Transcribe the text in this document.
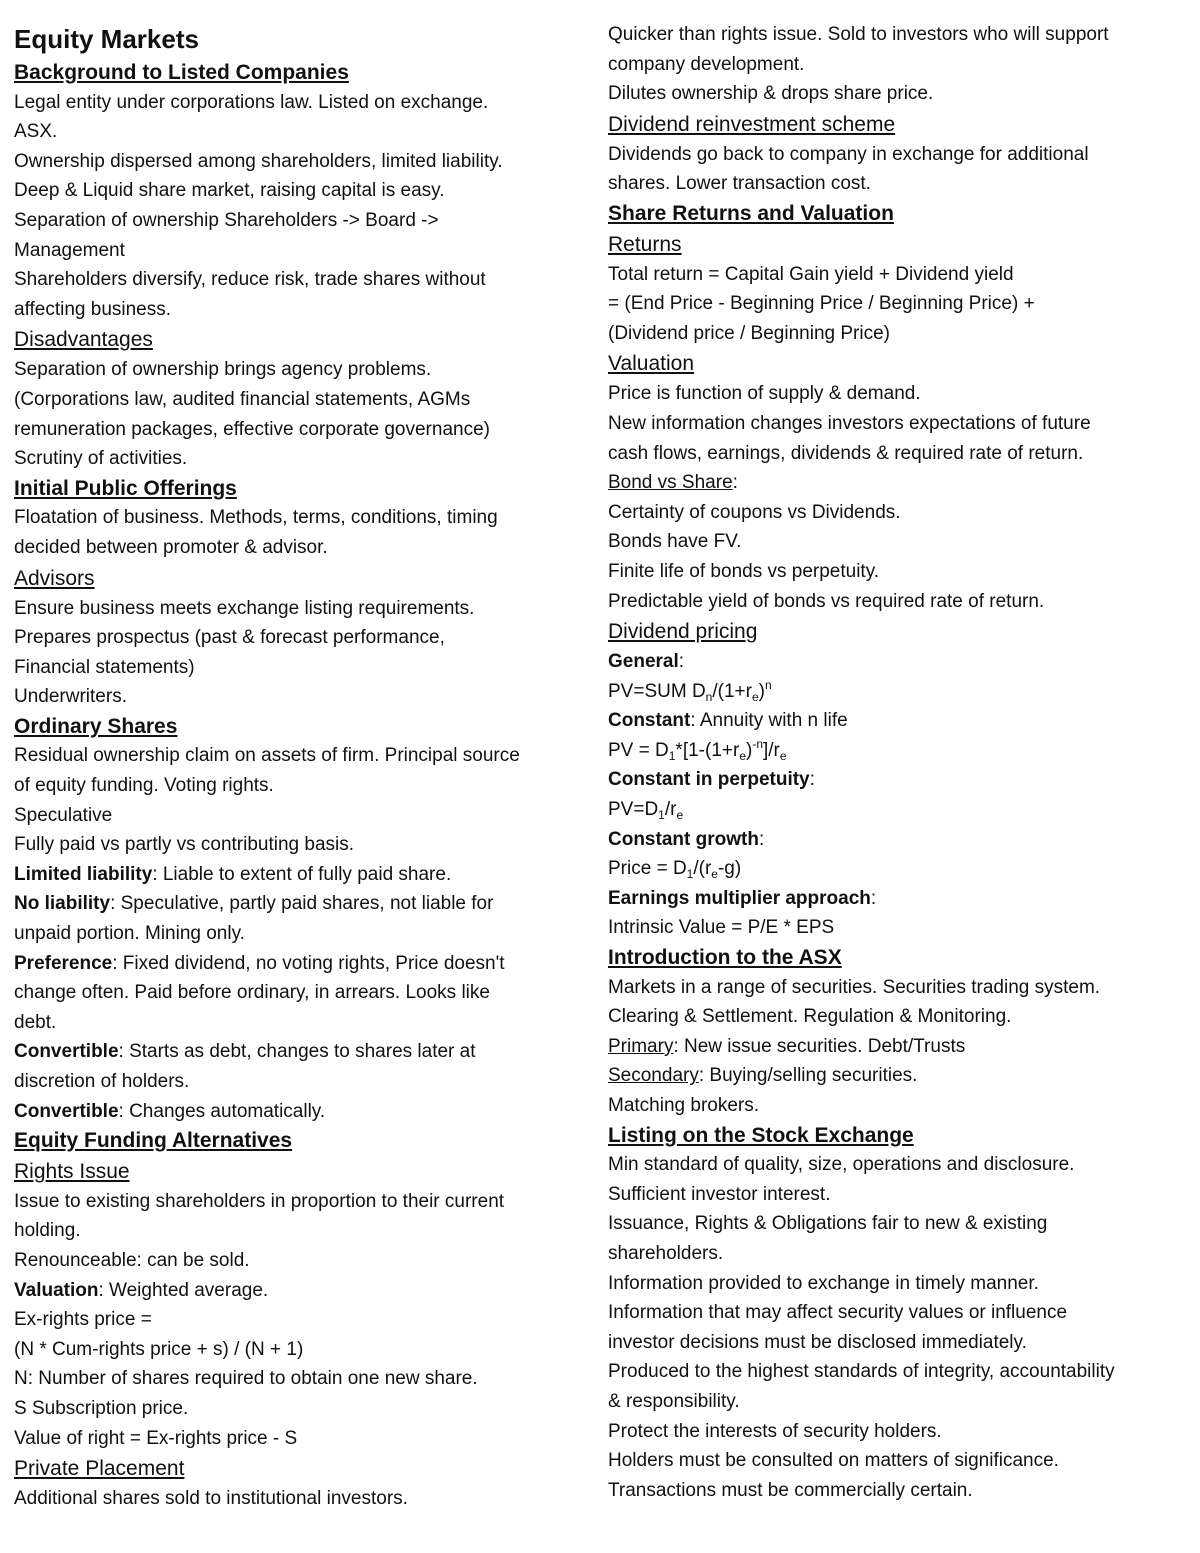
Equity Markets
Background to Listed Companies
Legal entity under corporations law. Listed on exchange.
ASX.
Ownership dispersed among shareholders, limited liability.
Deep & Liquid share market, raising capital is easy.
Separation of ownership Shareholders -> Board ->
Management
Shareholders diversify, reduce risk, trade shares without
affecting business.
Disadvantages
Separation of ownership brings agency problems.
(Corporations law, audited financial statements, AGMs
remuneration packages, effective corporate governance)
Scrutiny of activities.
Initial Public Offerings
Floatation of business. Methods, terms, conditions, timing
decided between promoter & advisor.
Advisors
Ensure business meets exchange listing requirements.
Prepares prospectus (past & forecast performance,
Financial statements)
Underwriters.
Ordinary Shares
Residual ownership claim on assets of firm. Principal source
of equity funding. Voting rights.
Speculative
Fully paid vs partly vs contributing basis.
Limited liability: Liable to extent of fully paid share.
No liability: Speculative, partly paid shares, not liable for
unpaid portion. Mining only.
Preference: Fixed dividend, no voting rights, Price doesn't
change often. Paid before ordinary, in arrears. Looks like
debt.
Convertible: Starts as debt, changes to shares later at
discretion of holders.
Convertible: Changes automatically.
Equity Funding Alternatives
Rights Issue
Issue to existing shareholders in proportion to their current
holding.
Renounceable: can be sold.
Valuation: Weighted average.
Ex-rights price =
(N * Cum-rights price + s) / (N + 1)
N: Number of shares required to obtain one new share.
S Subscription price.
Value of right = Ex-rights price - S
Private Placement
Additional shares sold to institutional investors.
Quicker than rights issue. Sold to investors who will support
company development.
Dilutes ownership & drops share price.
Dividend reinvestment scheme
Dividends go back to company in exchange for additional
shares. Lower transaction cost.
Share Returns and Valuation
Returns
Total return = Capital Gain yield + Dividend yield
= (End Price - Beginning Price / Beginning Price) +
(Dividend price / Beginning Price)
Valuation
Price is function of supply & demand.
New information changes investors expectations of future
cash flows, earnings, dividends & required rate of return.
Bond vs Share:
Certainty of coupons vs Dividends.
Bonds have FV.
Finite life of bonds vs perpetuity.
Predictable yield of bonds vs required rate of return.
Dividend pricing
General:
PV=SUM $D_n/(1+r_e)^n$
Constant: Annuity with n life
PV = $D_1*[1-(1+r_e)^{-n}]/r_e$
Constant in perpetuity:
$PV=D_1/r_e$
Constant growth:
Price = $D_1/(r_e-g)$
Earnings multiplier approach:
Intrinsic Value = P/E * EPS
Introduction to the ASX
Markets in a range of securities. Securities trading system.
Clearing & Settlement. Regulation & Monitoring.
Primary: New issue securities. Debt/Trusts
Secondary: Buying/selling securities.
Matching brokers.
Listing on the Stock Exchange
Min standard of quality, size, operations and disclosure.
Sufficient investor interest.
Issuance, Rights & Obligations fair to new & existing
shareholders.
Information provided to exchange in timely manner.
Information that may affect security values or influence
investor decisions must be disclosed immediately.
Produced to the highest standards of integrity, accountability
& responsibility.
Protect the interests of security holders.
Holders must be consulted on matters of significance.
Transactions must be commercially certain.
